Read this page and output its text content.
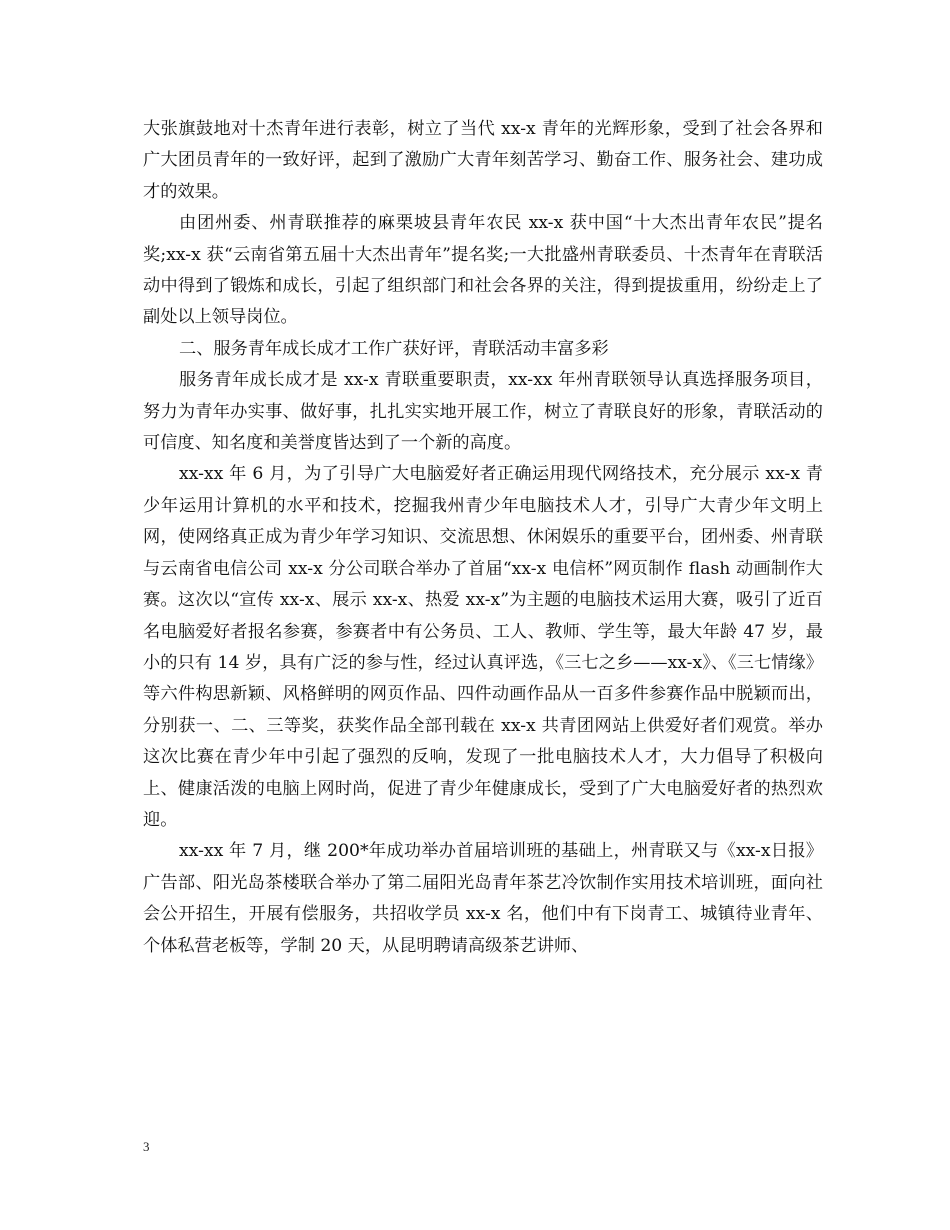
大张旗鼓地对十杰青年进行表彰，树立了当代 xx-x 青年的光辉形象，受到了社会各界和广大团员青年的一致好评，起到了激励广大青年刻苦学习、勤奋工作、服务社会、建功成才的效果。

由团州委、州青联推荐的麻栗坡县青年农民 xx-x 获中国“十大杰出青年农民”提名奖;xx-x 获“云南省第五届十大杰出青年”提名奖;一大批盛州青联委员、十杰青年在青联活动中得到了锻炼和成长，引起了组织部门和社会各界的关注，得到提拔重用，纷纷走上了副处以上领导岗位。

二、服务青年成长成才工作广获好评，青联活动丰富多彩

服务青年成长成才是 xx-x 青联重要职责，xx-xx 年州青联领导认真选择服务项目，努力为青年办实事、做好事，扎扎实实地开展工作，树立了青联良好的形象，青联活动的可信度、知名度和美誉度皆达到了一个新的高度。

xx-xx 年 6 月，为了引导广大电脑爱好者正确运用现代网络技术，充分展示 xx-x 青少年运用计算机的水平和技术，挖掘我州青少年电脑技术人才，引导广大青少年文明上网，使网络真正成为青少年学习知识、交流思想、休闲娱乐的重要平台，团州委、州青联与云南省电信公司 xx-x 分公司联合举办了首届“xx-x 电信杯”网页制作 flash 动画制作大赛。这次以“宣传 xx-x、展示 xx-x、热爱 xx-x”为主题的电脑技术运用大赛，吸引了近百名电脑爱好者报名参赛，参赛者中有公务员、工人、教师、学生等，最大年龄 47 岁，最小的只有 14 岁，具有广泛的参与性，经过认真评选，《三七之乡——xx-x》、《三七情缘》等六件构思新颖、风格鲜明的网页作品、四件动画作品从一百多件参赛作品中脱颖而出，分别获一、二、三等奖，获奖作品全部刊载在 xx-x 共青团网站上供爱好者们观赏。举办这次比赛在青少年中引起了强烈的反响，发现了一批电脑技术人才，大力倡导了积极向上、健康活泼的电脑上网时尚，促进了青少年健康成长，受到了广大电脑爱好者的热烈欢迎。

xx-xx 年 7 月，继 200*年成功举办首届培训班的基础上，州青联又与《xx-x日报》广告部、阳光岛茶楼联合举办了第二届阳光岛青年茶艺冷饮制作实用技术培训班，面向社会公开招生，开展有偿服务，共招收学员 xx-x 名，他们中有下岗青工、城镇待业青年、个体私营老板等，学制 20 天，从昆明聘请高级茶艺讲师、

3
